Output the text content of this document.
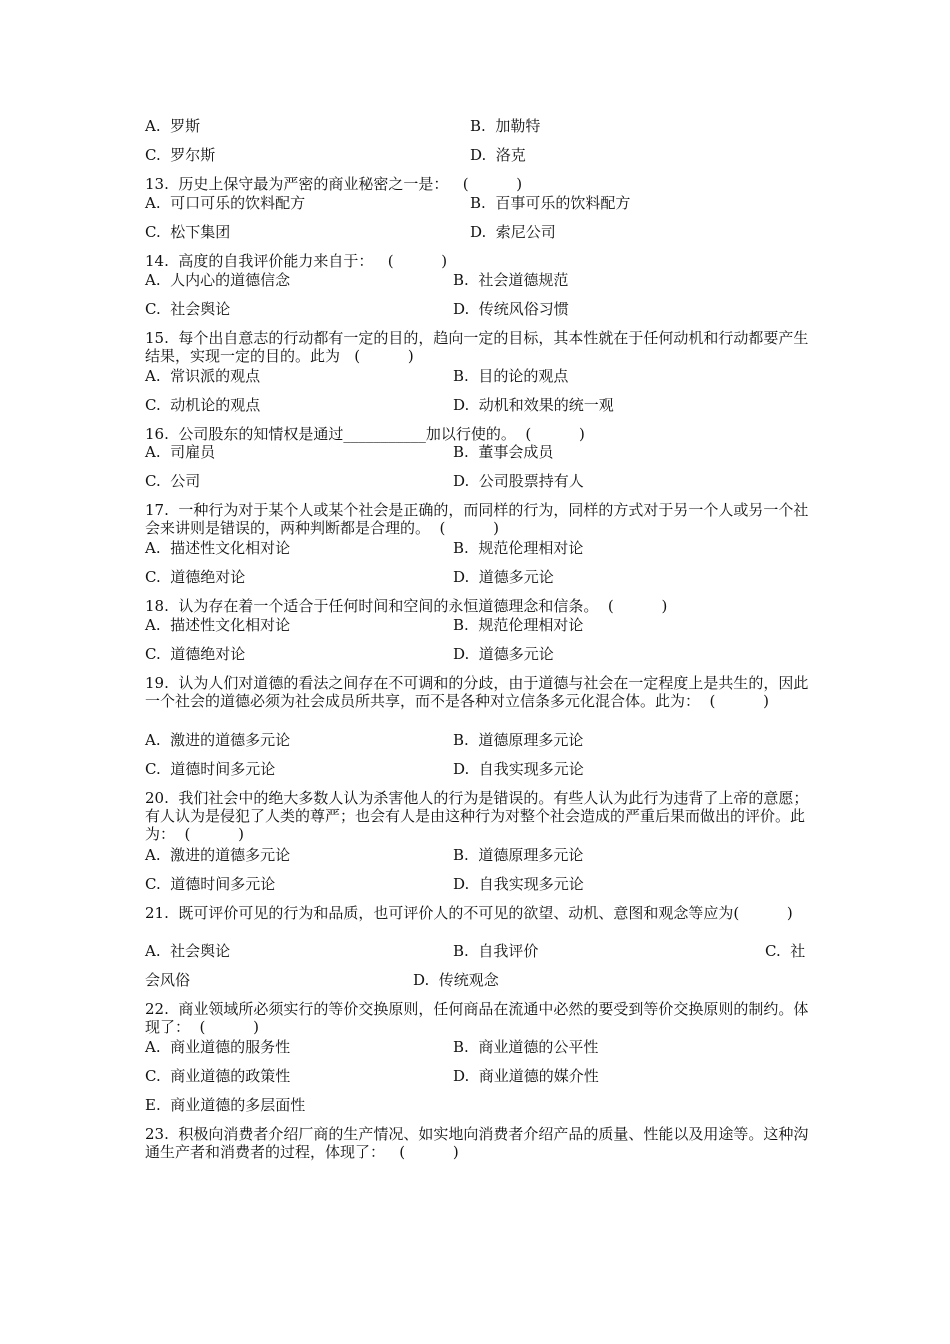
A.  罗斯	B.  加勒特
C.  罗尔斯	D.  洛克
13.  历史上保守最为严密的商业秘密之一是：   (          )
A.  可口可乐的饮料配方	B.  百事可乐的饮料配方
C.  松下集团	D.  索尼公司
14.  高度的自我评价能力来自于：   (          )
A.  人内心的道德信念	B.  社会道德规范
C.  社会舆论	D.  传统风俗习惯
15.  每个出自意志的行动都有一定的目的，趋向一定的目标，其本性就在于任何动机和行动都要产生结果，实现一定的目的。此为   (          )
A.  常识派的观点	B.  目的论的观点
C.  动机论的观点	D.  动机和效果的统一观
16.  公司股东的知情权是通过___________加以行使的。  (          )
A.  司雇员	B.  董事会成员
C.  公司	D.  公司股票持有人
17.  一种行为对于某个人或某个社会是正确的，而同样的行为，同样的方式对于另一个人或另一个社会来讲则是错误的，两种判断都是合理的。  (          )
A.  描述性文化相对论	B.  规范伦理相对论
C.  道德绝对论	D.  道德多元论
18.  认为存在着一个适合于任何时间和空间的永恒道德理念和信条。  (          )
A.  描述性文化相对论	B.  规范伦理相对论
C.  道德绝对论	D.  道德多元论
19.  认为人们对道德的看法之间存在不可调和的分歧，由于道德与社会在一定程度上是共生的，因此一个社会的道德必须为社会成员所共享，而不是各种对立信条多元化混合体。此为：  (          )
A.  激进的道德多元论	B.  道德原理多元论
C.  道德时间多元论	D.  自我实现多元论
20.  我们社会中的绝大多数人认为杀害他人的行为是错误的。有些人认为此行为违背了上帝的意愿；有人认为是侵犯了人类的尊严；也会有人是由这种行为对整个社会造成的严重后果而做出的评价。此为：  (          )
A.  激进的道德多元论	B.  道德原理多元论
C.  道德时间多元论	D.  自我实现多元论
21.  既可评价可见的行为和品质，也可评价人的不可见的欲望、动机、意图和观念等应为(          )
A.  社会舆论	B.  自我评价	C.  社
会风俗	D.  传统观念
22.  商业领域所必须实行的等价交换原则，任何商品在流通中必然的要受到等价交换原则的制约。体现了：  (          )
A.  商业道德的服务性	B.  商业道德的公平性
C.  商业道德的政策性	D.  商业道德的媒介性
E.  商业道德的多层面性
23.  积极向消费者介绍厂商的生产情况、如实地向消费者介绍产品的质量、性能以及用途等。这种沟通生产者和消费者的过程，体现了：   (          )
